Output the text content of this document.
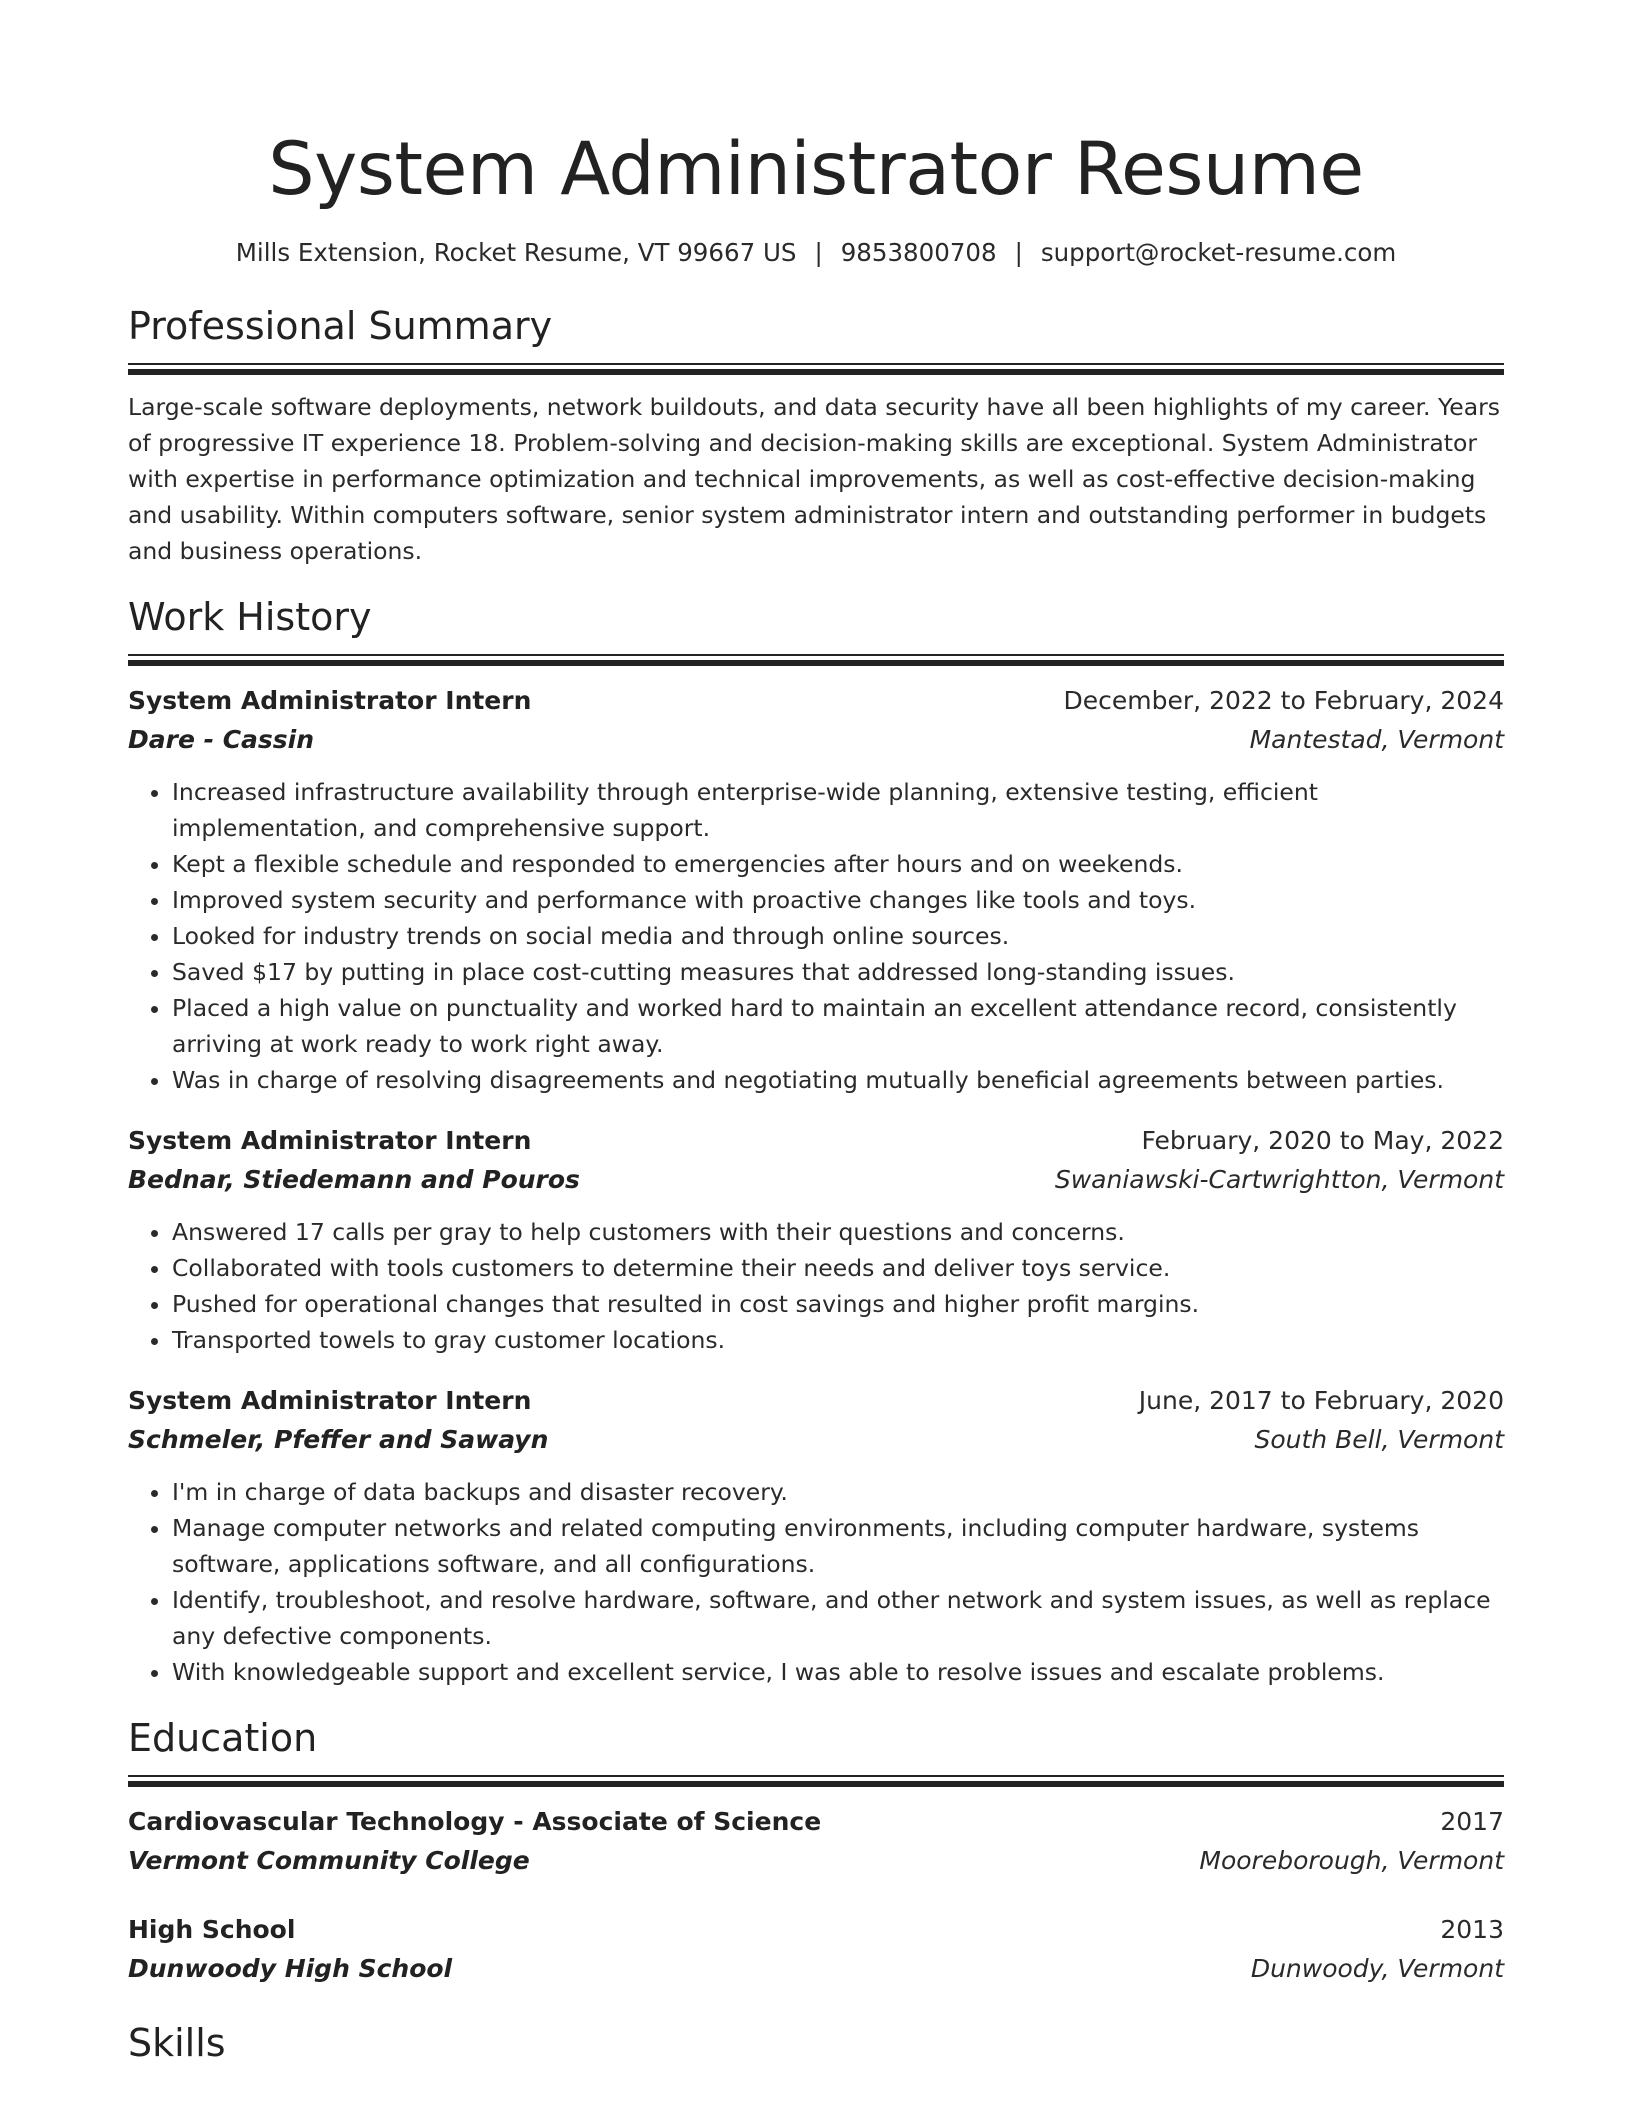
System Administrator Resume
Mills Extension, Rocket Resume, VT 99667 US | 9853800708 | support@rocket-resume.com
Professional Summary
Large-scale software deployments, network buildouts, and data security have all been highlights of my career. Years of progressive IT experience 18. Problem-solving and decision-making skills are exceptional. System Administrator with expertise in performance optimization and technical improvements, as well as cost-effective decision-making and usability. Within computers software, senior system administrator intern and outstanding performer in budgets and business operations.
Work History
System Administrator Intern	December, 2022 to February, 2024
Dare - Cassin	Mantestad, Vermont
• Increased infrastructure availability through enterprise-wide planning, extensive testing, efficient implementation, and comprehensive support.
• Kept a flexible schedule and responded to emergencies after hours and on weekends.
• Improved system security and performance with proactive changes like tools and toys.
• Looked for industry trends on social media and through online sources.
• Saved $17 by putting in place cost-cutting measures that addressed long-standing issues.
• Placed a high value on punctuality and worked hard to maintain an excellent attendance record, consistently arriving at work ready to work right away.
• Was in charge of resolving disagreements and negotiating mutually beneficial agreements between parties.
System Administrator Intern	February, 2020 to May, 2022
Bednar, Stiedemann and Pouros	Swaniawski-Cartwrightton, Vermont
• Answered 17 calls per gray to help customers with their questions and concerns.
• Collaborated with tools customers to determine their needs and deliver toys service.
• Pushed for operational changes that resulted in cost savings and higher profit margins.
• Transported towels to gray customer locations.
System Administrator Intern	June, 2017 to February, 2020
Schmeler, Pfeffer and Sawayn	South Bell, Vermont
• I'm in charge of data backups and disaster recovery.
• Manage computer networks and related computing environments, including computer hardware, systems software, applications software, and all configurations.
• Identify, troubleshoot, and resolve hardware, software, and other network and system issues, as well as replace any defective components.
• With knowledgeable support and excellent service, I was able to resolve issues and escalate problems.
Education
Cardiovascular Technology - Associate of Science	2017
Vermont Community College	Mooreborough, Vermont
High School	2013
Dunwoody High School	Dunwoody, Vermont
Skills
